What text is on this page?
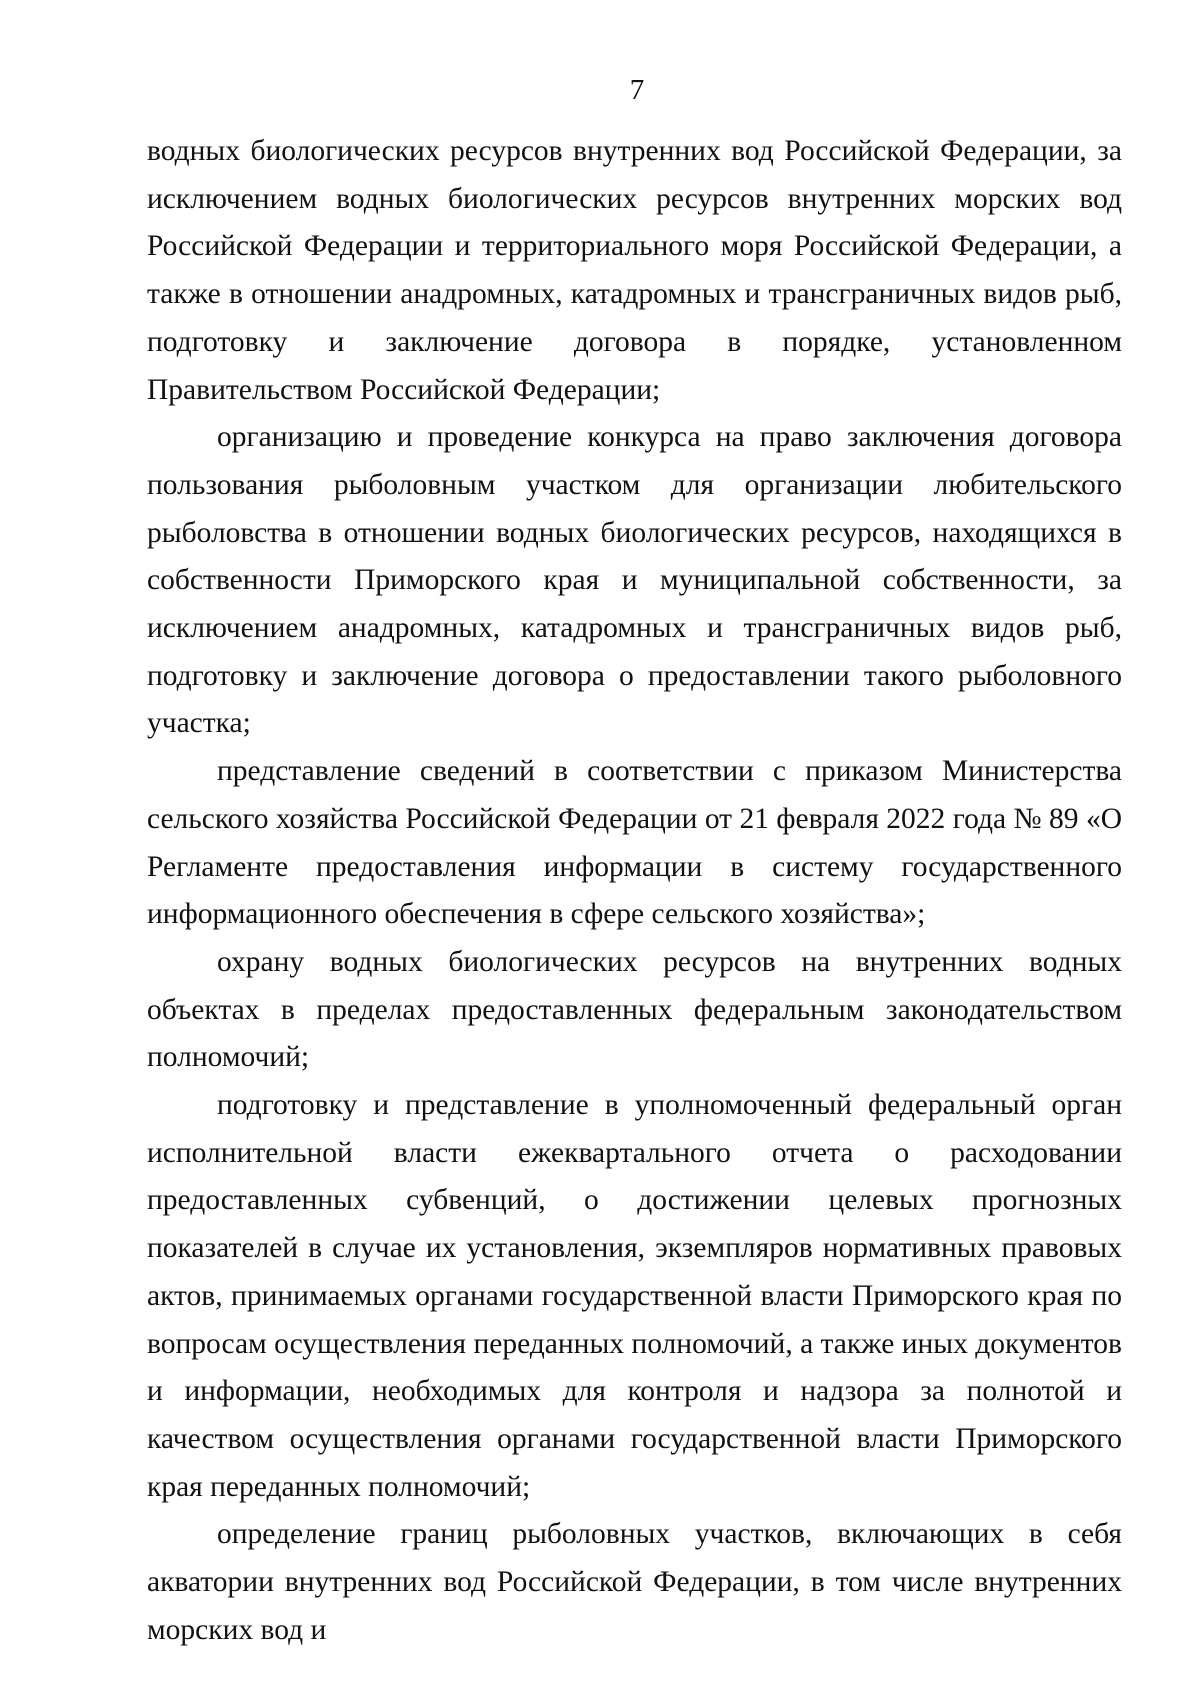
7

водных биологических ресурсов внутренних вод Российской Федерации, за исключением водных биологических ресурсов внутренних морских вод Российской Федерации и территориального моря Российской Федерации, а также в отношении анадромных, катадромных и трансграничных видов рыб, подготовку и заключение договора в порядке, установленном Правительством Российской Федерации;

организацию и проведение конкурса на право заключения договора пользования рыболовным участком для организации любительского рыболовства в отношении водных биологических ресурсов, находящихся в собственности Приморского края и муниципальной собственности, за исключением анадромных, катадромных и трансграничных видов рыб, подготовку и заключение договора о предоставлении такого рыболовного участка;

представление сведений в соответствии с приказом Министерства сельского хозяйства Российской Федерации от 21 февраля 2022 года № 89 «О Регламенте предоставления информации в систему государственного информационного обеспечения в сфере сельского хозяйства»;

охрану водных биологических ресурсов на внутренних водных объектах в пределах предоставленных федеральным законодательством полномочий;

подготовку и представление в уполномоченный федеральный орган исполнительной власти ежеквартального отчета о расходовании предоставленных субвенций, о достижении целевых прогнозных показателей в случае их установления, экземпляров нормативных правовых актов, принимаемых органами государственной власти Приморского края по вопросам осуществления переданных полномочий, а также иных документов и информации, необходимых для контроля и надзора за полнотой и качеством осуществления органами государственной власти Приморского края переданных полномочий;

определение границ рыболовных участков, включающих в себя акватории внутренних вод Российской Федерации, в том числе внутренних морских вод и
